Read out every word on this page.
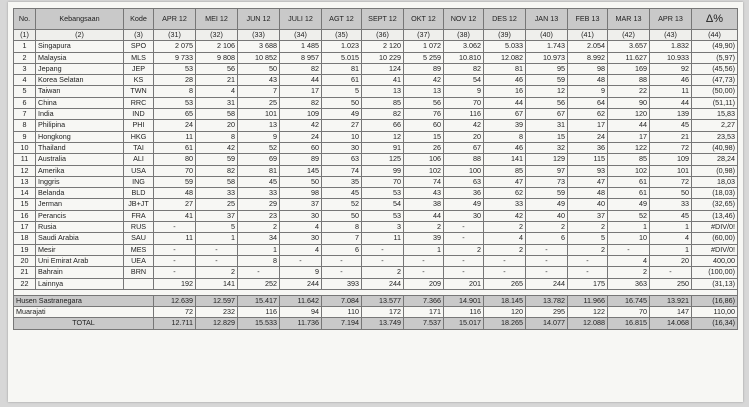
No.	Kebangsaan	Kode	APR 12	MEI 12	JUN 12	JULI 12	AGT 12	SEPT 12	OKT 12	NOV 12	DES 12	JAN 13	FEB 13	MAR 13	APR 13	Δ%
(1)	(2)	(3)	(31)	(32)	(33)	(34)	(35)	(36)	(37)	(38)	(39)	(40)	(41)	(42)	(43)	(44)
1	Singapura	SPO	2 075	2 106	3 688	1 485	1.023	2 120	1 072	3.062	5.033	1.743	2.054	3.657	1.832	(49,90)
2	Malaysia	MLS	9 733	9 808	10 852	8 957	5.015	10 229	5 259	10.810	12.082	10.973	8.992	11.627	10.933	(5,97)
3	Jepang	JEP	53	56	50	82	81	124	89	82	81	95	98	169	92	(45,56)
4	Korea Selatan	KS	28	21	43	44	61	41	42	54	46	59	48	88	46	(47,73)
5	Taiwan	TWN	8	4	7	17	5	13	13	9	16	12	9	22	11	(50,00)
6	China	RRC	53	31	25	82	50	85	56	70	44	56	64	90	44	(51,11)
7	India	IND	65	58	101	109	49	82	76	116	67	67	62	120	139	15,83
8	Philipina	PHI	24	20	13	42	27	66	60	42	39	31	17	44	45	2,27
9	Hongkong	HKG	11	8	9	24	10	12	15	20	8	15	24	17	21	23,53
10	Thailand	TAI	61	42	52	60	30	91	26	67	46	32	36	122	72	(40,98)
11	Australia	ALI	80	59	69	89	63	125	106	88	141	129	115	85	109	28,24
12	Amerika	USA	70	82	81	145	74	99	102	100	85	97	93	102	101	(0,98)
13	Inggris	ING	59	58	45	50	35	70	74	63	47	73	47	61	72	18,03
14	Belanda	BLD	48	33	33	98	45	53	43	36	62	59	48	61	50	(18,03)
15	Jerman	JB+JT	27	25	29	37	52	54	38	49	33	49	40	49	33	(32,65)
16	Perancis	FRA	41	37	23	30	50	53	44	30	42	40	37	52	45	(13,46)
17	Rusia	RUS	-	5	2	4	8	3	2	-	2	2	2	1	1	#DIV/0!
18	Saudi Arabia	SAU	11	1	34	30	7	11	39	-	4	6	5	10	4	(60,00)
19	Mesir	MES	-	-	1	4	6	-	1	2	2	-	2	-	1	#DIV/0!
20	Uni Emirat Arab	UEA	-	-	8	-	-	-	-	-	-	-	-	4	20	400,00
21	Bahrain	BRN	-	2	-	9	-	2	-	-	-	-	-	2	-	(100,00)
22	Lainnya		192	141	252	244	393	244	209	201	265	244	175	363	250	(31,13)

Husen Sastranegara			12.639	12.597	15.417	11.642	7.084	13.577	7.366	14.901	18.145	13.782	11.966	16.745	13.921	(16,86)
Muarajati			72	232	116	94	110	172	171	116	120	295	122	70	147	110,00
TOTAL			12.711	12.829	15.533	11.736	7.194	13.749	7.537	15.017	18.265	14.077	12.088	16.815	14.068	(16,34)
